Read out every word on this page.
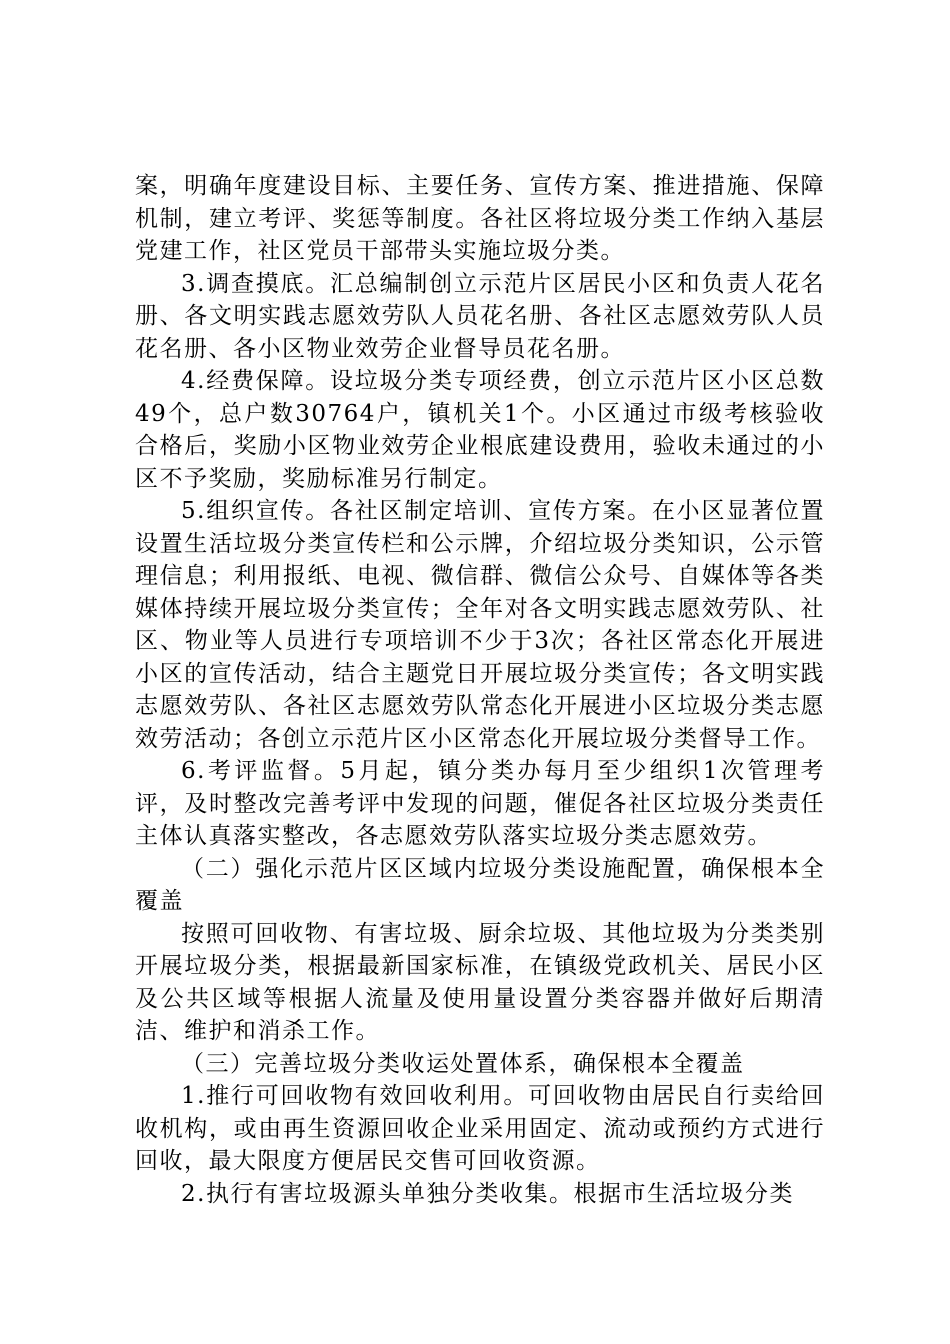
案，明确年度建设目标、主要任务、宣传方案、推进措施、保障机制，建立考评、奖惩等制度。各社区将垃圾分类工作纳入基层党建工作，社区党员干部带头实施垃圾分类。

3.调查摸底。汇总编制创立示范片区居民小区和负责人花名册、各文明实践志愿效劳队人员花名册、各社区志愿效劳队人员花名册、各小区物业效劳企业督导员花名册。

4.经费保障。设垃圾分类专项经费，创立示范片区小区总数49个，总户数30764户，镇机关1个。小区通过市级考核验收合格后，奖励小区物业效劳企业根底建设费用，验收未通过的小区不予奖励，奖励标准另行制定。

5.组织宣传。各社区制定培训、宣传方案。在小区显著位置设置生活垃圾分类宣传栏和公示牌，介绍垃圾分类知识，公示管理信息；利用报纸、电视、微信群、微信公众号、自媒体等各类媒体持续开展垃圾分类宣传；全年对各文明实践志愿效劳队、社区、物业等人员进行专项培训不少于3次；各社区常态化开展进小区的宣传活动，结合主题党日开展垃圾分类宣传；各文明实践志愿效劳队、各社区志愿效劳队常态化开展进小区垃圾分类志愿效劳活动；各创立示范片区小区常态化开展垃圾分类督导工作。

6.考评监督。5月起，镇分类办每月至少组织1次管理考评，及时整改完善考评中发现的问题，催促各社区垃圾分类责任主体认真落实整改，各志愿效劳队落实垃圾分类志愿效劳。

（二）强化示范片区区域内垃圾分类设施配置，确保根本全覆盖

按照可回收物、有害垃圾、厨余垃圾、其他垃圾为分类类别开展垃圾分类，根据最新国家标准，在镇级党政机关、居民小区及公共区域等根据人流量及使用量设置分类容器并做好后期清洁、维护和消杀工作。

（三）完善垃圾分类收运处置体系，确保根本全覆盖

1.推行可回收物有效回收利用。可回收物由居民自行卖给回收机构，或由再生资源回收企业采用固定、流动或预约方式进行回收，最大限度方便居民交售可回收资源。

2.执行有害垃圾源头单独分类收集。根据市生活垃圾分类
